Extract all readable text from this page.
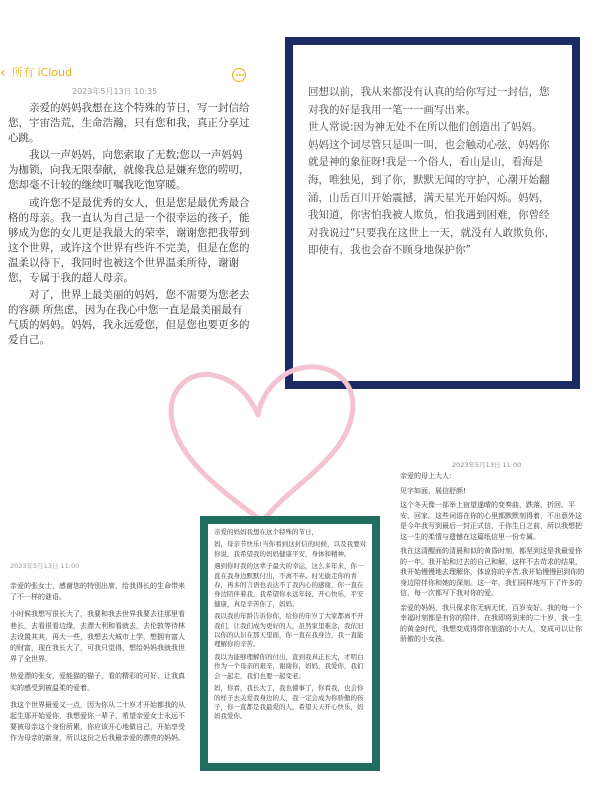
‹ 所有 iCloud
2023年5月13日 10:35

亲爱的妈妈我想在这个特殊的节日，写一封信给您，宇宙浩荒，生命浩瀚，只有您和我，真正分享过心跳。

我以一声妈妈，向您索取了无数;您以一声妈妈为枷锁，向我无限奉献，就像我总是嫌弃您的唠叨，您却毫不计较的继续叮嘱我吃饱穿暖。

或许您不是最优秀的女人，但是您是最优秀最合格的母亲。我一直认为自己是一个很幸运的孩子，能够成为您的女儿更是我最大的荣幸，谢谢您把我带到这个世界，或许这个世界有些许不完美，但是在您的温柔以待下，我同时也被这个世界温柔所待，谢谢您，专属于我的超人母亲。

对了，世界上最美丽的妈妈，您不需要为您老去的容颜 所焦虑，因为在我心中您一直是最美丽最有气质的妈妈。妈妈，我永远爱您，但是您也要更多的爱自己。

回想以前，我从来都没有认真的给你写过一封信，您对我的好是我用一笔一一画写出来。

世人常说:因为神无处不在所以他们创造出了妈妈。

妈妈这个词尽管只是叫一叫，也会触动心弦，妈妈你就是神的象征呀!我是一个俗人，看山是山，看海是海，唯独见，到了你，默默无闻的守护，心潮开始翻涌，山岳百川开始震撼，满天星光开始闪烁。妈妈，我知道，你害怕我被人欺负，怕我遇到困难，你曾经对我说过“只要我在这世上一天，就没有人敢欺负你，即使有，我也会奋不顾身地保护你”

2023年5月13日 11:00

亲爱的母上大人:

见字如面，展信舒颜!

这个冬天像一部举上宿望遂晴的变奏曲，跌落、折回、平安、回家。这些词语在你的心里都默默刻得着，不出意外这是今年我写到最后一封正式信，于你生日之前，所以我想把这一生的柔情与遗憾在这篇纸信里一份专属。

我在这清醒面的清晨和似的黄昏时刻，都坚到这是我最爱你的一年。我开始和过去的自己和解，这样不去苛求的结果，我开始慢慢地去理解你，体谅你的辛苦,我开始慢慢回到你的身边陪伴你和她的深刻。这一年，我们同样地写下了许多的信，每一次都写下我对你的爱。

亲爱的妈妈，我只保求你无病无忧，百岁安好。我的每一个幸福时刻都是有你的陪伴，在我即将到来的二十岁，我一生的黄金时代，我想变成得带你旅游的小大人，变成可以让你骄傲的小女孩。

2023年5月13日 11:00

亲爱的张女士，感谢您的特别出席，给我得长的生命带来了不一样的谜语。

小时候我想写很长大了，我要和我去世界我要去往那里看巷长，去看很看边缘，去漂大利和看就去，去伦敦等待林去设置其其，再大一些，我想去大城市上学，想拥有富人的财富，现在我长大了，可我只觉得，想给妈妈我就我世界了全世界。

热爱漂的张女，爱能猫的猫子，看的精彩的可好，让我真实的感受到被温柔的爱着。

我这个世界最爱又一点，因为你从二十岁才开始都我的从起生那开始爱你，我想爱你一辈子，希望亲爱女士永远不要被母亲这个身份所累，你应该开心地做自己，开始享受作为母亲的新身，所以这份之后我最亲爱的漂亮的妈妈。

亲爱的妈妈我想在这个特殊的节日，

妈，母亲节快乐!当你看到这封信的时候，以及我要对你说，我希望我的妈妈健康平安，身体和精神。

遇到你时我的这辈子最大的幸运，这么多年来，你一直在我身边默默付出，不离不弃。时光偷走你的青春，再多的言语也表达不了我内心的感谢，你一直在身边陪伴着我，我希望你永远年轻，开心快乐，平安健康，真是辛苦你了，妈妈。

我以我的年龄告诉你你，给你的年岁了大家都离不开我们，让我们成为更好的人，虽然家里难念，我依旧以你的认识在那天里面，你一直在我身边，我一直能理解你的辛苦。

我以为能够理解你的付出，直到我真正长大，才明白作为一个母亲的艰辛，谢谢你，妈妈，我爱你，我们会一起走，我们也要一起变老。

妈，你看，我长大了，我也懂事了，你看我，也会你的样子去关爱我身边的人，我一定会成为你骄傲的孩子，你一直都是我最爱的人，希望天天开心快乐，妈妈我爱你。
